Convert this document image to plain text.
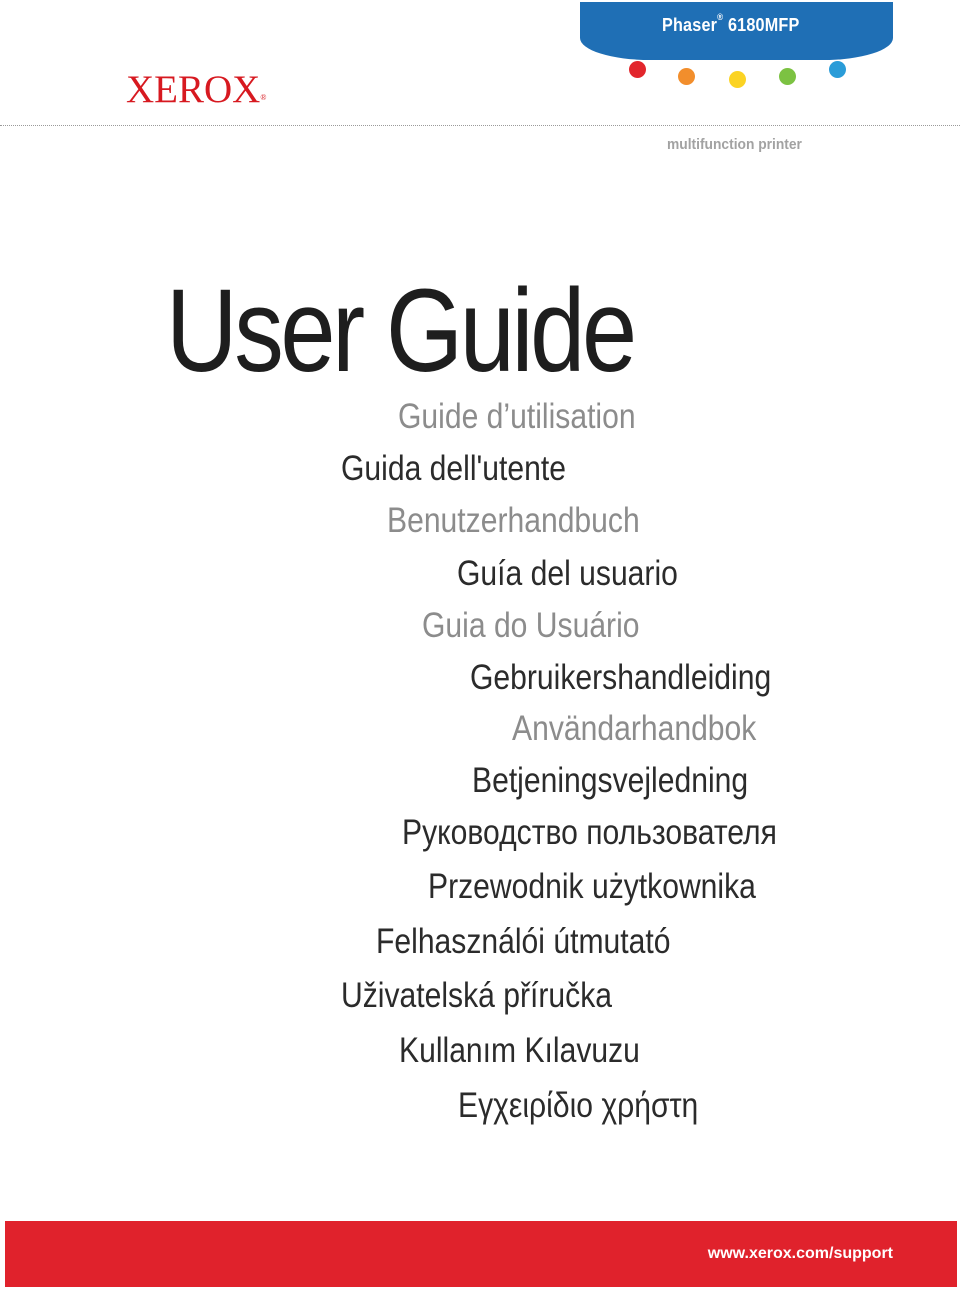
Phaser® 6180MFP
XEROX®
multifunction printer
User Guide
Guide d’utilisation
Guida dell'utente
Benutzerhandbuch
Guía del usuario
Guia do Usuário
Gebruikershandleiding
Användarhandbok
Betjeningsvejledning
Руководство пользователя
Przewodnik użytkownika
Felhasználói útmutató
Uživatelská příručka
Kullanım Kılavuzu
Εγχειρίδιο χρήστη
www.xerox.com/support
